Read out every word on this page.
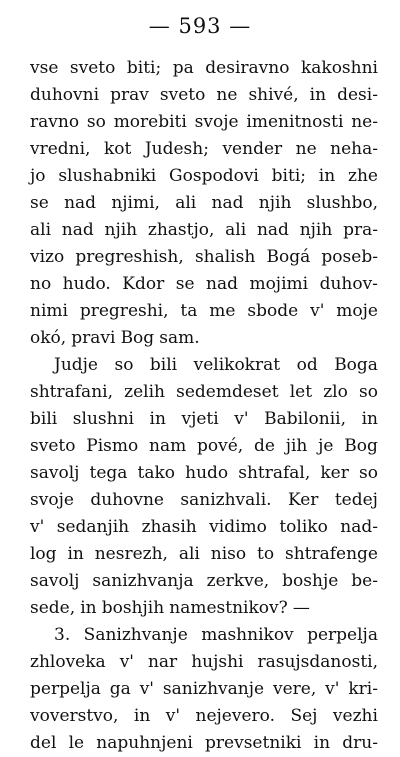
— 593 —
vse sveto biti; pa desiravno kakoshni
duhovni prav sveto ne shivé, in desi-
ravno so morebiti svoje imenitnosti ne-
vredni, kot Judesh; vender ne neha-
jo slushabniki Gospodovi biti; in zhe
se nad njimi, ali nad njih slushbo,
ali nad njih zhastjo, ali nad njih pra-
vizo pregreshish, shalish Bogá poseb-
no hudo. Kdor se nad mojimi duhov-
nimi pregreshi, ta me sbode v' moje
okó, pravi Bog sam.
Judje so bili velikokrat od Boga
shtrafani, zelih sedemdeset let zlo so
bili slushni in vjeti v' Babilonii, in
sveto Pismo nam pové, de jih je Bog
savolj tega tako hudo shtrafal, ker so
svoje duhovne sanizhvali. Ker tedej
v' sedanjih zhasih vidimo toliko nad-
log in nesrezh, ali niso to shtrafenge
savolj sanizhvanja zerkve, boshje be-
sede, in boshjih namestnikov? —
3. Sanizhvanje mashnikov perpelja
zhloveka v' nar hujshi rasujsdanosti,
perpelja ga v' sanizhvanje vere, v' kri-
voverstvo, in v' nejevero. Sej vezhi
del le napuhnjeni prevsetniki in dru-
